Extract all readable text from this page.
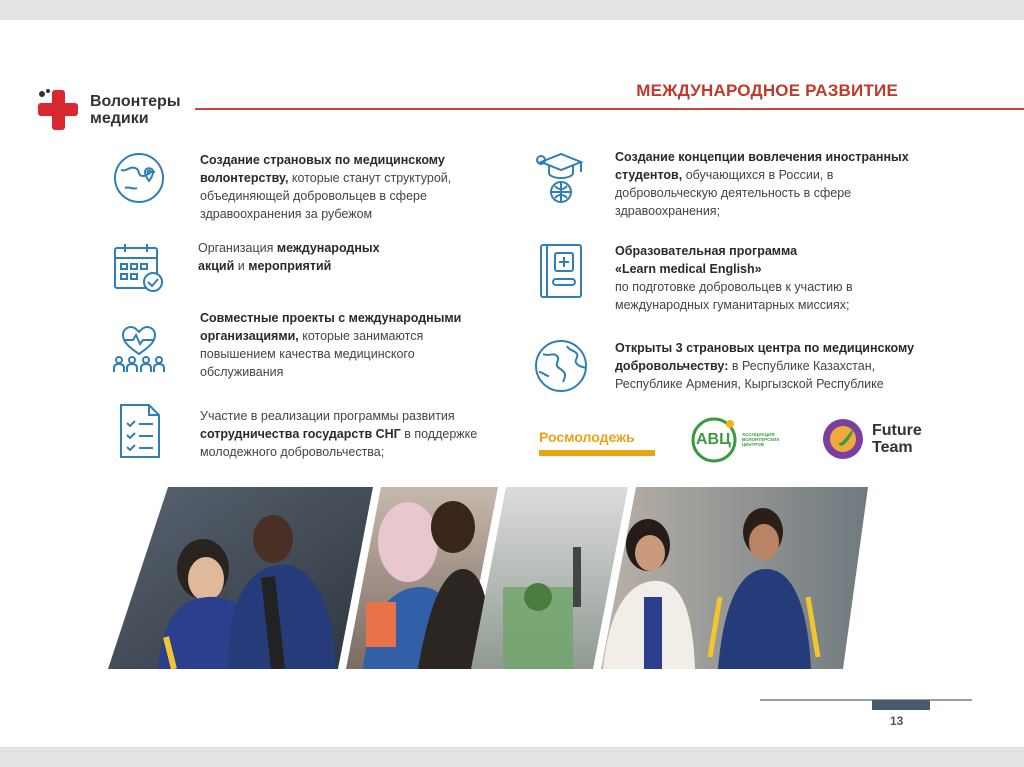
Волонтеры
медики
МЕЖДУНАРОДНОЕ РАЗВИТИЕ
Создание страновых по медицинскому волонтерству, которые станут структурой, объединяющей добровольцев в сфере здравоохранения за рубежом
Организация международных
акций и мероприятий
Совместные проекты с международными организациями, которые занимаются повышением качества медицинского обслуживания
Участие в реализации программы развития сотрудничества государств СНГ в поддержке молодежного добровольчества;
Создание концепции вовлечения иностранных студентов, обучающихся в России, в добровольческую деятельность в сфере здравоохранения;
Образовательная программа
«Learn medical English»
по подготовке добровольцев к участию в международных гуманитарных миссиях;
Открыты 3 страновых центра по медицинскому добровольчеству: в Республике Казахстан, Республике Армения, Кыргызской Республике
Росмолодежь	АВЦ АССОЦИАЦИЯ ВОЛОНТЕРСКИХ ЦЕНТРОВ
Future
Team
13
